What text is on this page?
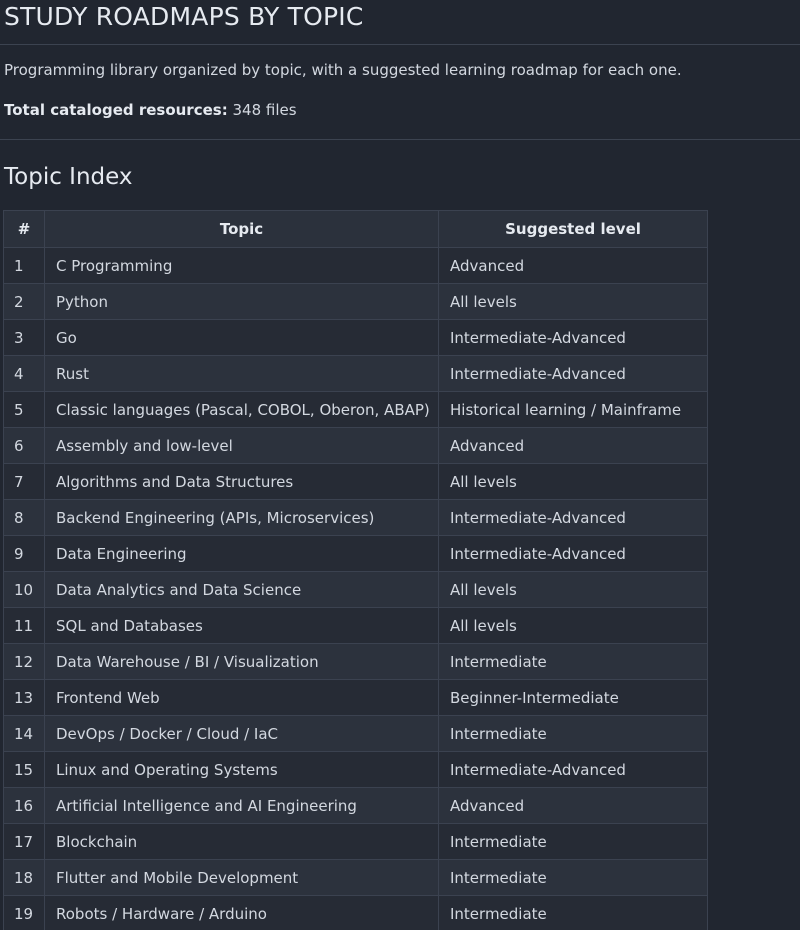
STUDY ROADMAPS BY TOPIC

Programming library organized by topic, with a suggested learning roadmap for each one.

Total cataloged resources: 348 files

Topic Index
#	Topic	Suggested level
1	C Programming	Advanced
2	Python	All levels
3	Go	Intermediate-Advanced
4	Rust	Intermediate-Advanced
5	Classic languages (Pascal, COBOL, Oberon, ABAP)	Historical learning / Mainframe
6	Assembly and low-level	Advanced
7	Algorithms and Data Structures	All levels
8	Backend Engineering (APIs, Microservices)	Intermediate-Advanced
9	Data Engineering	Intermediate-Advanced
10	Data Analytics and Data Science	All levels
11	SQL and Databases	All levels
12	Data Warehouse / BI / Visualization	Intermediate
13	Frontend Web	Beginner-Intermediate
14	DevOps / Docker / Cloud / IaC	Intermediate
15	Linux and Operating Systems	Intermediate-Advanced
16	Artificial Intelligence and AI Engineering	Advanced
17	Blockchain	Intermediate
18	Flutter and Mobile Development	Intermediate
19	Robots / Hardware / Arduino	Intermediate
